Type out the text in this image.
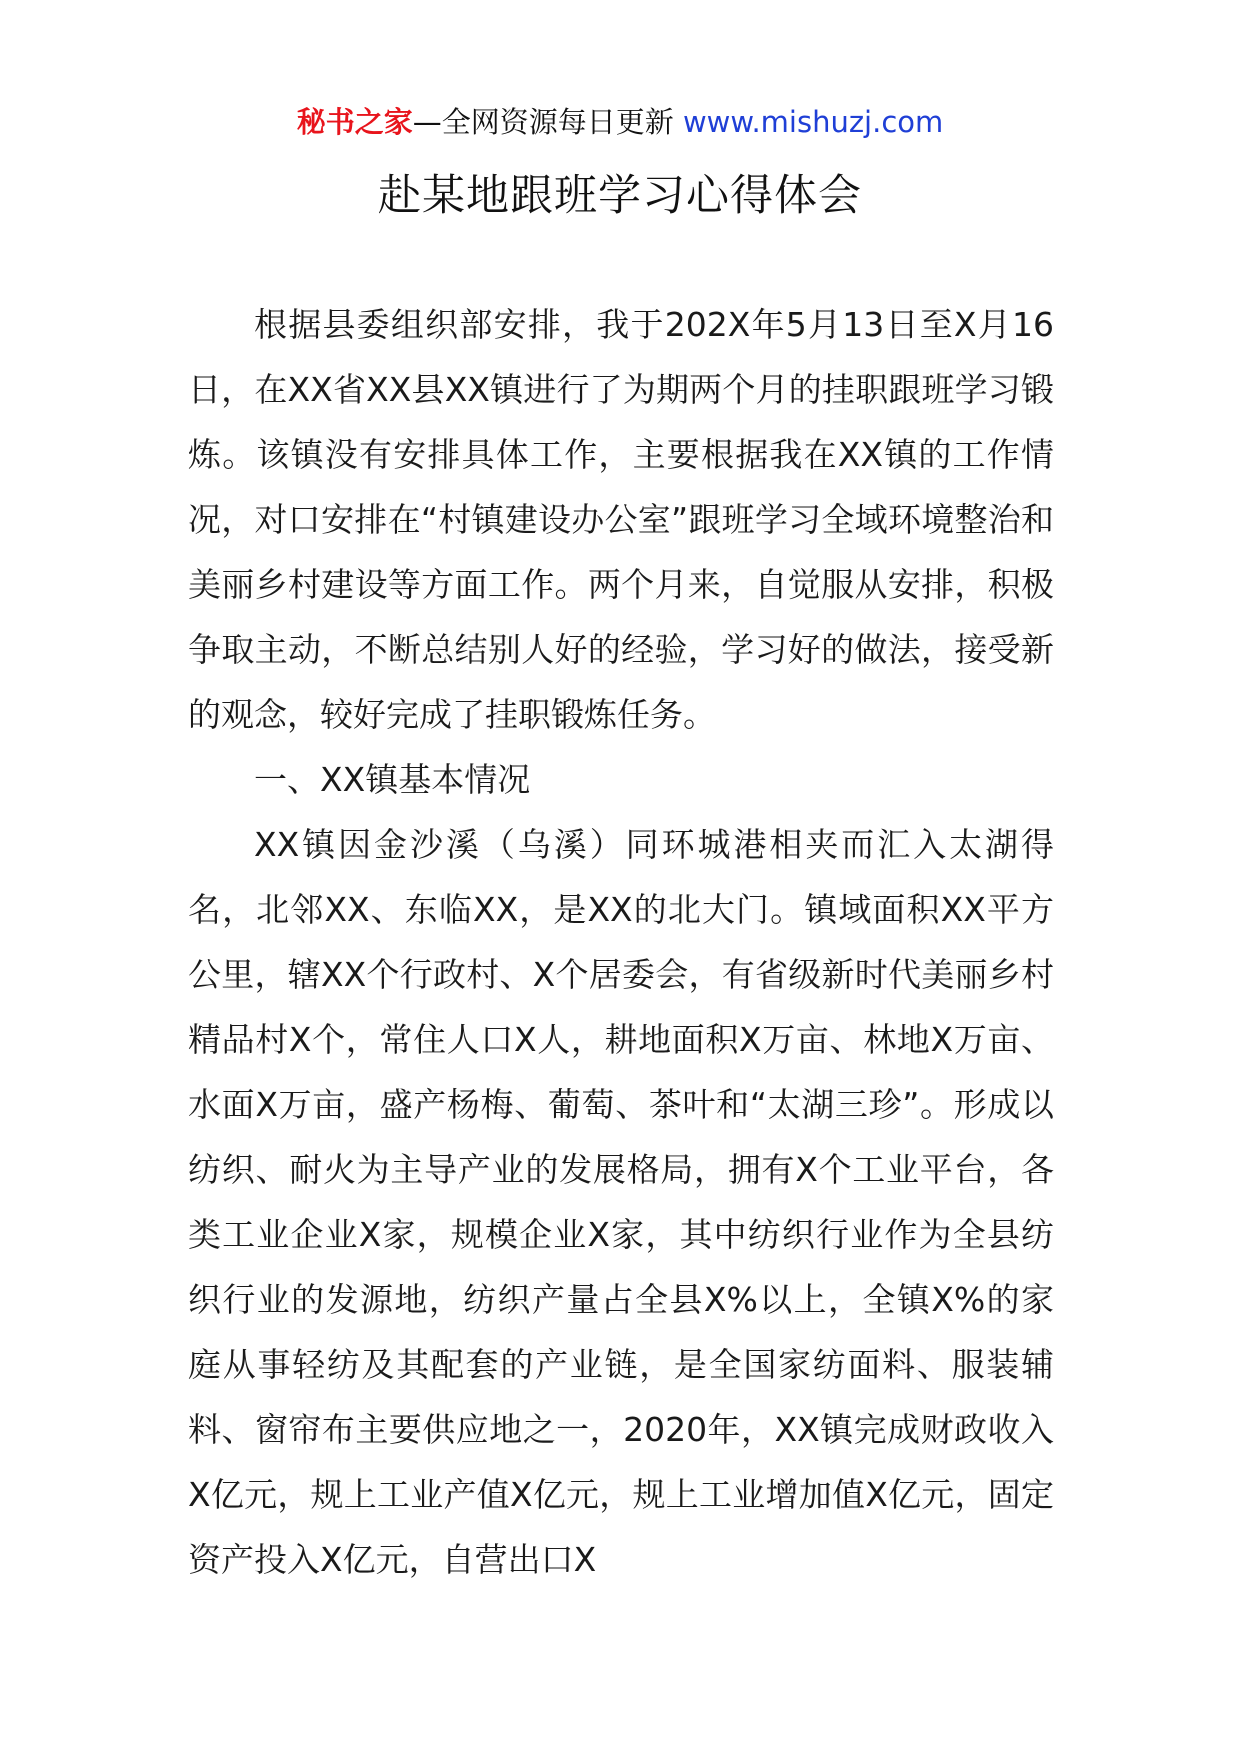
秘书之家—全网资源每日更新 www.mishuzj.com
赴某地跟班学习心得体会

根据县委组织部安排，我于202X年5月13日至X月16日，在XX省XX县XX镇进行了为期两个月的挂职跟班学习锻炼。该镇没有安排具体工作，主要根据我在XX镇的工作情况，对口安排在“村镇建设办公室”跟班学习全域环境整治和美丽乡村建设等方面工作。两个月来，自觉服从安排，积极争取主动，不断总结别人好的经验，学习好的做法，接受新的观念，较好完成了挂职锻炼任务。

一、XX镇基本情况

XX镇因金沙溪（乌溪）同环城港相夹而汇入太湖得名，北邻XX、东临XX，是XX的北大门。镇域面积XX平方公里，辖XX个行政村、X个居委会，有省级新时代美丽乡村精品村X个，常住人口X人，耕地面积X万亩、林地X万亩、水面X万亩，盛产杨梅、葡萄、茶叶和“太湖三珍”。形成以纺织、耐火为主导产业的发展格局，拥有X个工业平台，各类工业企业X家，规模企业X家，其中纺织行业作为全县纺织行业的发源地，纺织产量占全县X%以上，全镇X%的家庭从事轻纺及其配套的产业链，是全国家纺面料、服装辅料、窗帘布主要供应地之一，2020年，XX镇完成财政收入X亿元，规上工业产值X亿元，规上工业增加值X亿元，固定资产投入X亿元，自营出口X
